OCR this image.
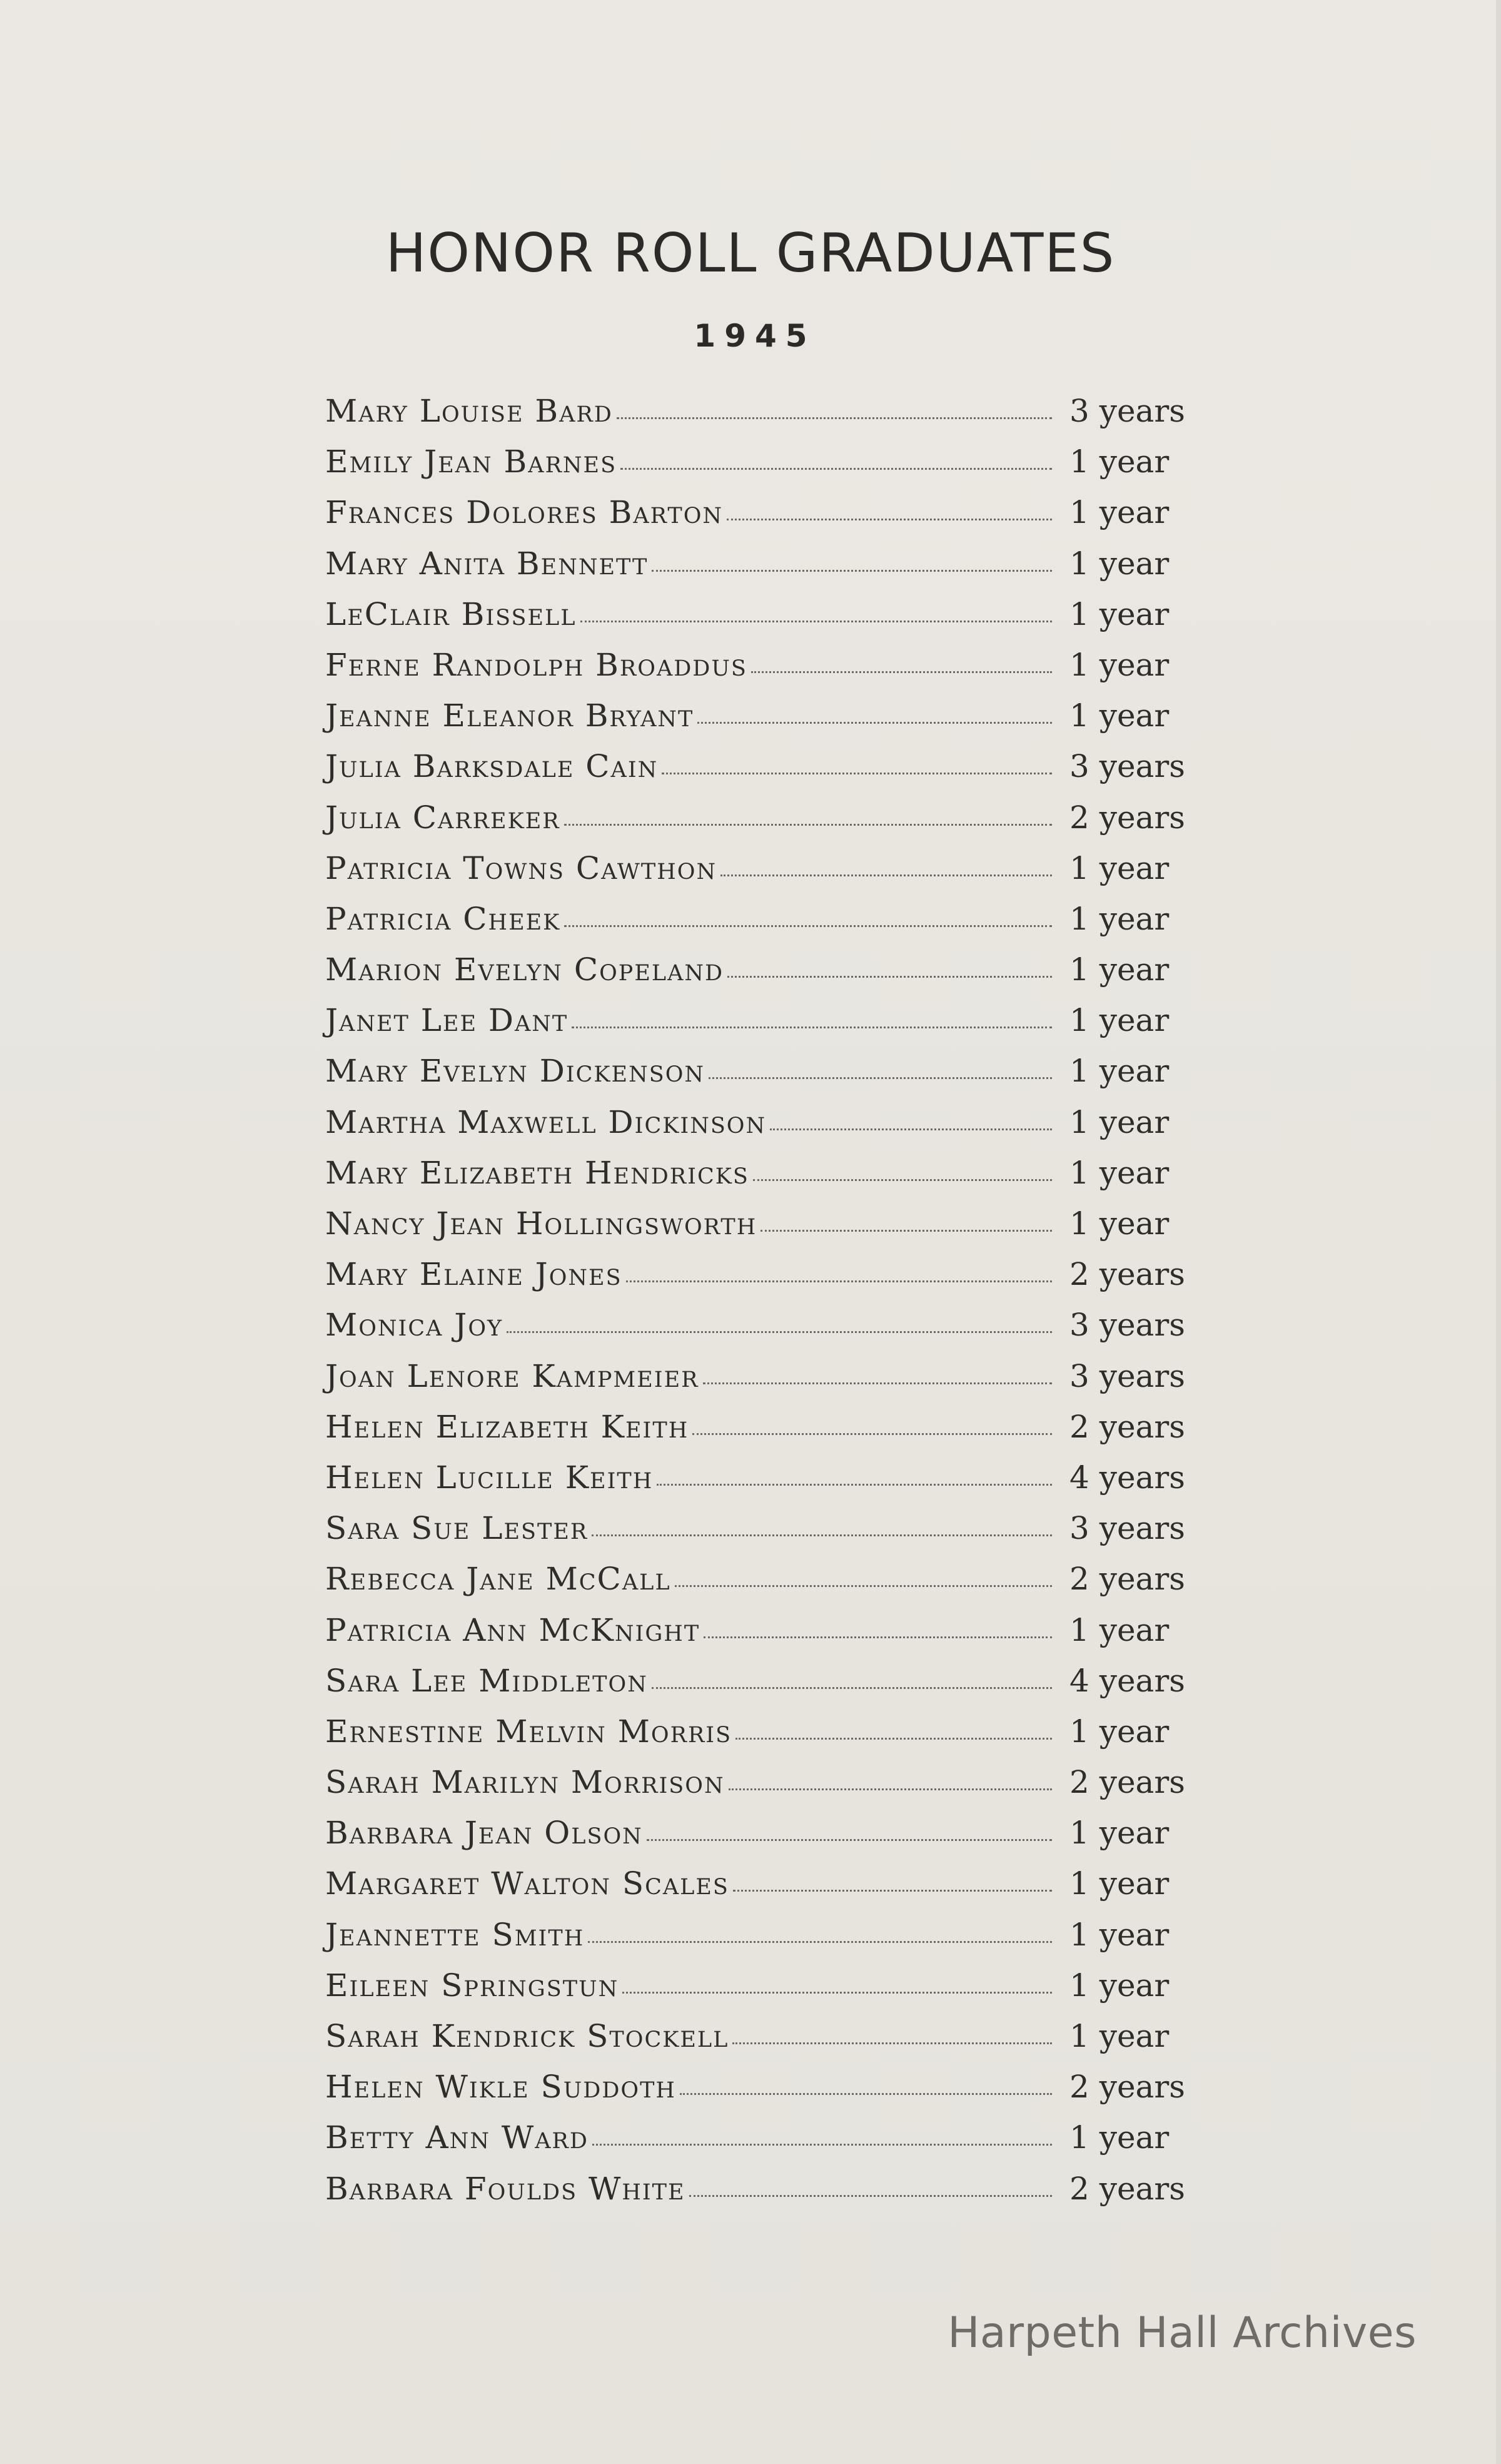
HONOR ROLL GRADUATES
1945
Mary Louise Bard	3 years
Emily Jean Barnes	1 year
Frances Dolores Barton	1 year
Mary Anita Bennett	1 year
LeClair Bissell	1 year
Ferne Randolph Broaddus	1 year
Jeanne Eleanor Bryant	1 year
Julia Barksdale Cain	3 years
Julia Carreker	2 years
Patricia Towns Cawthon	1 year
Patricia Cheek	1 year
Marion Evelyn Copeland	1 year
Janet Lee Dant	1 year
Mary Evelyn Dickenson	1 year
Martha Maxwell Dickinson	1 year
Mary Elizabeth Hendricks	1 year
Nancy Jean Hollingsworth	1 year
Mary Elaine Jones	2 years
Monica Joy	3 years
Joan Lenore Kampmeier	3 years
Helen Elizabeth Keith	2 years
Helen Lucille Keith	4 years
Sara Sue Lester	3 years
Rebecca Jane McCall	2 years
Patricia Ann McKnight	1 year
Sara Lee Middleton	4 years
Ernestine Melvin Morris	1 year
Sarah Marilyn Morrison	2 years
Barbara Jean Olson	1 year
Margaret Walton Scales	1 year
Jeannette Smith	1 year
Eileen Springstun	1 year
Sarah Kendrick Stockell	1 year
Helen Wikle Suddoth	2 years
Betty Ann Ward	1 year
Barbara Foulds White	2 years
Harpeth Hall Archives
